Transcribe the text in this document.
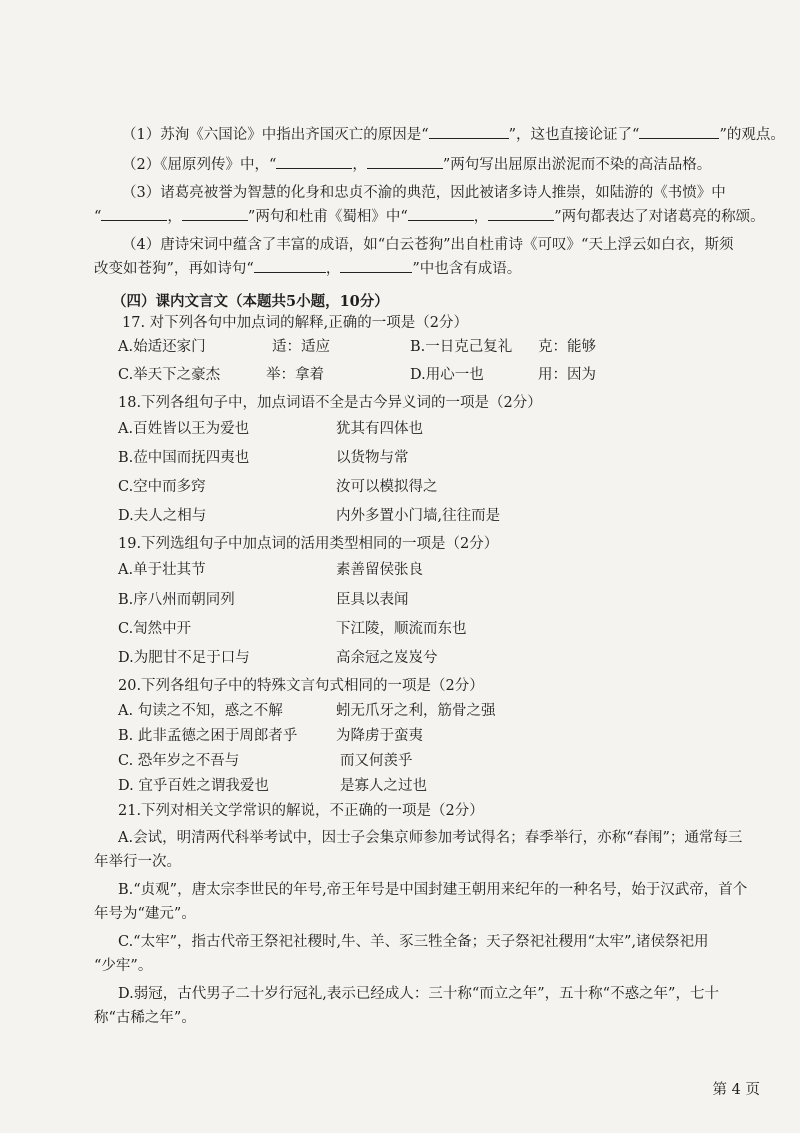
（1）苏洵《六国论》中指出齐国灭亡的原因是“	”，这也直接论证了“	”的观点。
（2）《屈原列传》中，“	，	”两句写出屈原出淤泥而不染的高洁品格。
（3）诸葛亮被誉为智慧的化身和忠贞不渝的典范，因此被诸多诗人推崇，如陆游的《书愤》中
“	，	”两句和杜甫《蜀相》中“	，	”两句都表达了对诸葛亮的称颂。
（4）唐诗宋词中蕴含了丰富的成语，如“白云苍狗”出自杜甫诗《可叹》“天上浮云如白衣，斯须
改变如苍狗”，再如诗句“	，	”中也含有成语。
（四）课内文言文（本题共5小题，10分）
17. 对下列各句中加点词的解释,正确的一项是（2分）
A.始适还家门	适：适应	B.一日克己复礼 克：能够
C.举天下之豪杰	举：拿着	D.用心一也	用：因为
18.下列各组句子中，加点词语不全是古今异义词的一项是（2分）
A.百姓皆以王为爱也	犹其有四体也
B.莅中国而抚四夷也	以货物与常
C.空中而多窍	汝可以模拟得之
D.夫人之相与	内外多置小门墙,往往而是
19.下列选组句子中加点词的活用类型相同的一项是（2分）
A.单于壮其节	素善留侯张良
B.序八州而朝同列	臣具以表闻
C.訇然中开	下江陵，顺流而东也
D.为肥甘不足于口与	高余冠之岌岌兮
20.下列各组句子中的特殊文言句式相同的一项是（2分）
A. 句读之不知，惑之不解	蚓无爪牙之利，筋骨之强
B. 此非孟德之困于周郎者乎	为降虏于蛮夷
C. 恐年岁之不吾与	而又何羡乎
D. 宜乎百姓之谓我爱也	是寡人之过也
21.下列对相关文学常识的解说，不正确的一项是（2分）
A.会试，明清两代科举考试中，因士子会集京师参加考试得名；春季举行，亦称“春闱”；通常每三
年举行一次。
B.“贞观”，唐太宗李世民的年号,帝王年号是中国封建王朝用来纪年的一种名号，始于汉武帝，首个
年号为“建元”。
C.“太牢”，指古代帝王祭祀社稷时,牛、羊、豕三牲全备；天子祭祀社稷用“太牢”,诸侯祭祀用
“少牢”。
D.弱冠，古代男子二十岁行冠礼,表示已经成人：三十称“而立之年”，五十称“不惑之年”，七十
称“古稀之年”。
第 4 页
